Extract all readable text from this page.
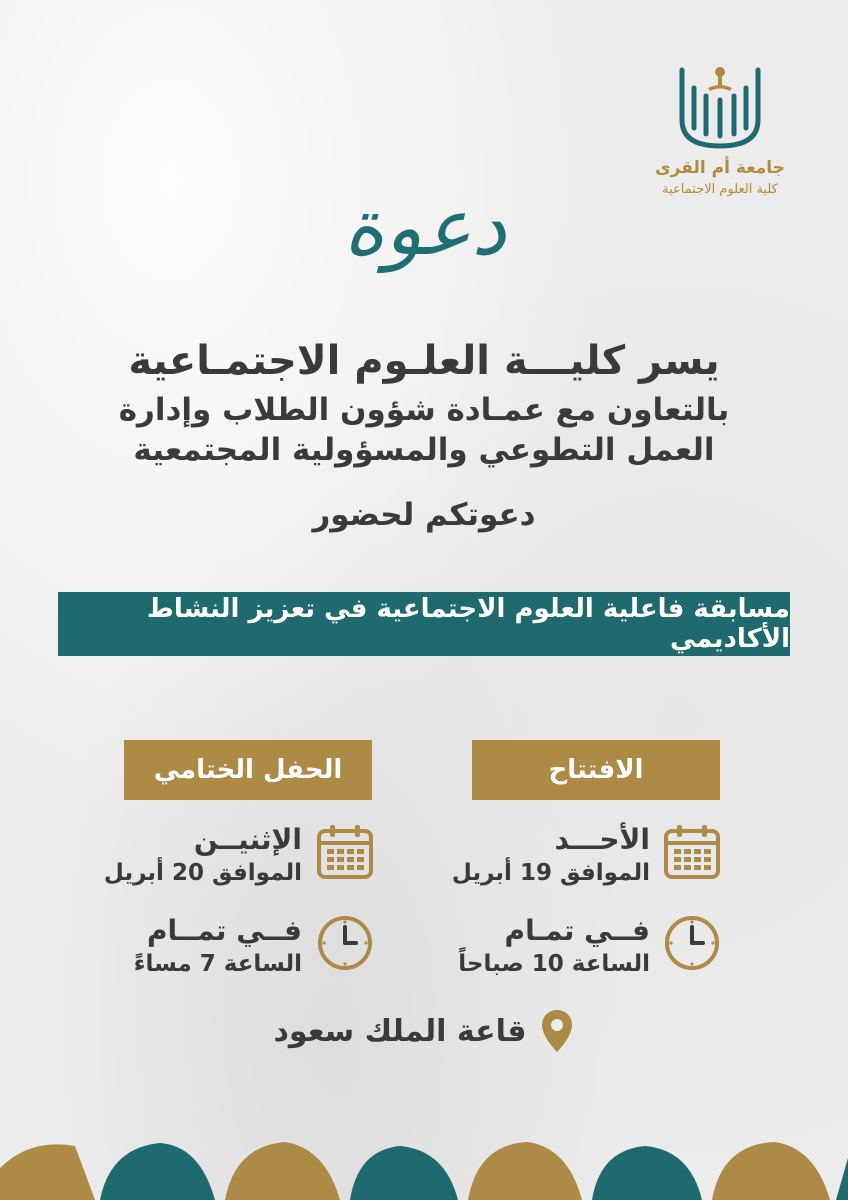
جامعة أم القرى
كلية العلوم الاجتماعية
دعوة
يسر كليـــة العلـوم الاجتمـاعية
بالتعاون مع عمـادة شؤون الطلاب وإدارة
العمل التطوعي والمسؤولية المجتمعية
دعوتكم لحضور
مسابقة فاعلية العلوم الاجتماعية في تعزيز النشاط الأكاديمي
الافتتاح
الحفل الختامي
الأحـــد
الموافق 19 أبريل
الإثنيــن
الموافق 20 أبريل
فــي تمـام
الساعة 10 صباحاً
فــي تمــام
الساعة 7 مساءً
قاعة الملك سعود
